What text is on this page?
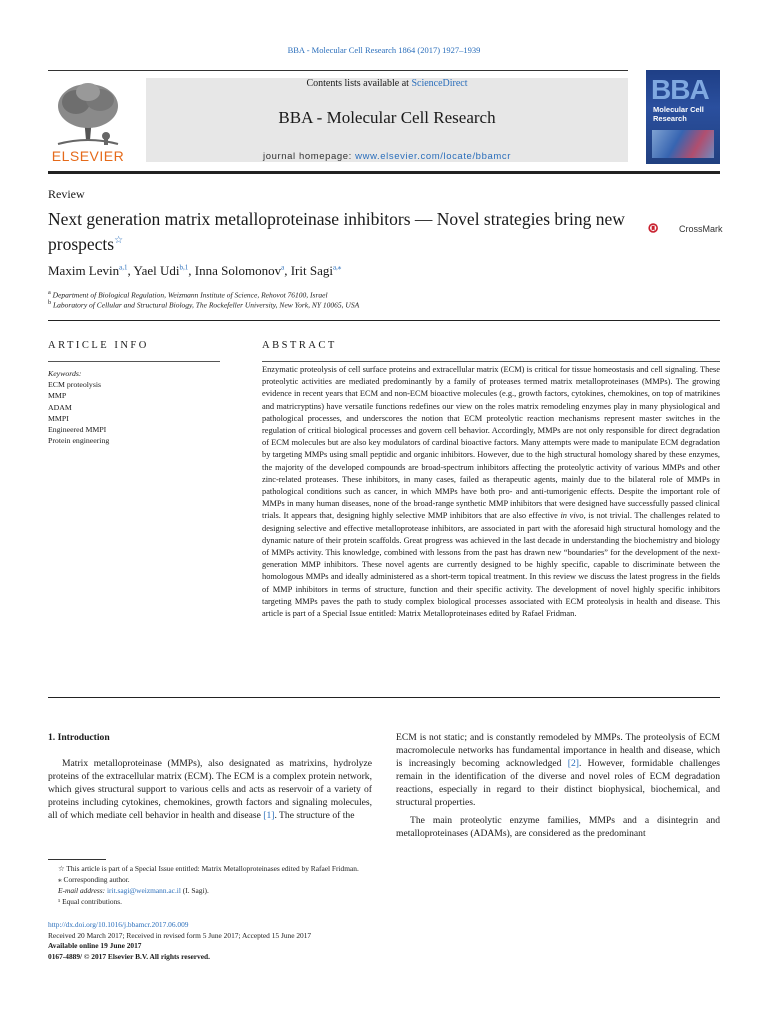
BBA - Molecular Cell Research 1864 (2017) 1927–1939
ELSEVIER
Contents lists available at ScienceDirect
BBA - Molecular Cell Research
journal homepage: www.elsevier.com/locate/bbamcr
BBA
Molecular Cell Research
Review
Next generation matrix metalloproteinase inhibitors — Novel strategies bring new prospects☆
CrossMark
Maxim Levin$^{a,1}$, Yael Udi$^{b,1}$, Inna Solomonov$^a$, Irit Sagi$^{a,⁎}$
$^a$ Department of Biological Regulation, Weizmann Institute of Science, Rehovot 76100, Israel
$^b$ Laboratory of Cellular and Structural Biology, The Rockefeller University, New York, NY 10065, USA
ARTICLE INFO
Keywords:
ECM proteolysis
MMP
ADAM
MMPI
Engineered MMPI
Protein engineering
ABSTRACT
Enzymatic proteolysis of cell surface proteins and extracellular matrix (ECM) is critical for tissue homeostasis and cell signaling. These proteolytic activities are mediated predominantly by a family of proteases termed matrix metalloproteinases (MMPs). The growing evidence in recent years that ECM and non-ECM bioactive molecules (e.g., growth factors, cytokines, chemokines, on top of matrikines and matricryptins) have versatile functions redefines our view on the roles matrix remodeling enzymes play in many physiological and pathological processes, and underscores the notion that ECM proteolytic reaction mechanisms represent master switches in the regulation of critical biological processes and govern cell behavior. Accordingly, MMPs are not only responsible for direct degradation of ECM molecules but are also key modulators of cardinal bioactive factors. Many attempts were made to manipulate ECM degradation by targeting MMPs using small peptidic and organic inhibitors. However, due to the high structural homology shared by these enzymes, the majority of the developed compounds are broad-spectrum inhibitors affecting the proteolytic activity of various MMPs and other zinc-related proteases. These inhibitors, in many cases, failed as therapeutic agents, mainly due to the bilateral role of MMPs in pathological conditions such as cancer, in which MMPs have both pro- and anti-tumorigenic effects. Despite the important role of MMPs in many human diseases, none of the broad-range synthetic MMP inhibitors that were designed have successfully passed clinical trials. It appears that, designing highly selective MMP inhibitors that are also effective in vivo, is not trivial. The challenges related to designing selective and effective metalloprotease inhibitors, are associated in part with the aforesaid high structural homology and the dynamic nature of their protein scaffolds. Great progress was achieved in the last decade in understanding the biochemistry and biology of MMPs activity. This knowledge, combined with lessons from the past has drawn new “boundaries” for the development of the next-generation MMP inhibitors. These novel agents are currently designed to be highly specific, capable to discriminate between the homologous MMPs and ideally administered as a short-term topical treatment. In this review we discuss the latest progress in the fields of MMP inhibitors in terms of structure, function and their specific activity. The development of novel highly specific inhibitors targeting MMPs paves the path to study complex biological processes associated with ECM proteolysis in health and disease. This article is part of a Special Issue entitled: Matrix Metalloproteinases edited by Rafael Fridman.

1. Introduction

Matrix metalloproteinase (MMPs), also designated as matrixins, hydrolyze proteins of the extracellular matrix (ECM). The ECM is a complex protein network, which gives structural support to various cells and acts as reservoir of a variety of proteins including cytokines, chemokines, growth factors and signaling molecules, all of which mediate cell behavior in health and disease [1]. The structure of the

ECM is not static; and is constantly remodeled by MMPs. The proteolysis of ECM macromolecule networks has fundamental importance in health and disease, which is increasingly becoming acknowledged [2]. However, formidable challenges remain in the identification of the diverse and novel roles of ECM degradation reactions, especially in regard to their distinct biophysical, biochemical, and structural properties.

The main proteolytic enzyme families, MMPs and a disintegrin and metalloproteinases (ADAMs), are considered as the predominant

☆ This article is part of a Special Issue entitled: Matrix Metalloproteinases edited by Rafael Fridman.
⁎ Corresponding author.
E-mail address: irit.sagi@weizmann.ac.il (I. Sagi).
¹ Equal contributions.
http://dx.doi.org/10.1016/j.bbamcr.2017.06.009
Received 20 March 2017; Received in revised form 5 June 2017; Accepted 15 June 2017
Available online 19 June 2017
0167-4889/ © 2017 Elsevier B.V. All rights reserved.
